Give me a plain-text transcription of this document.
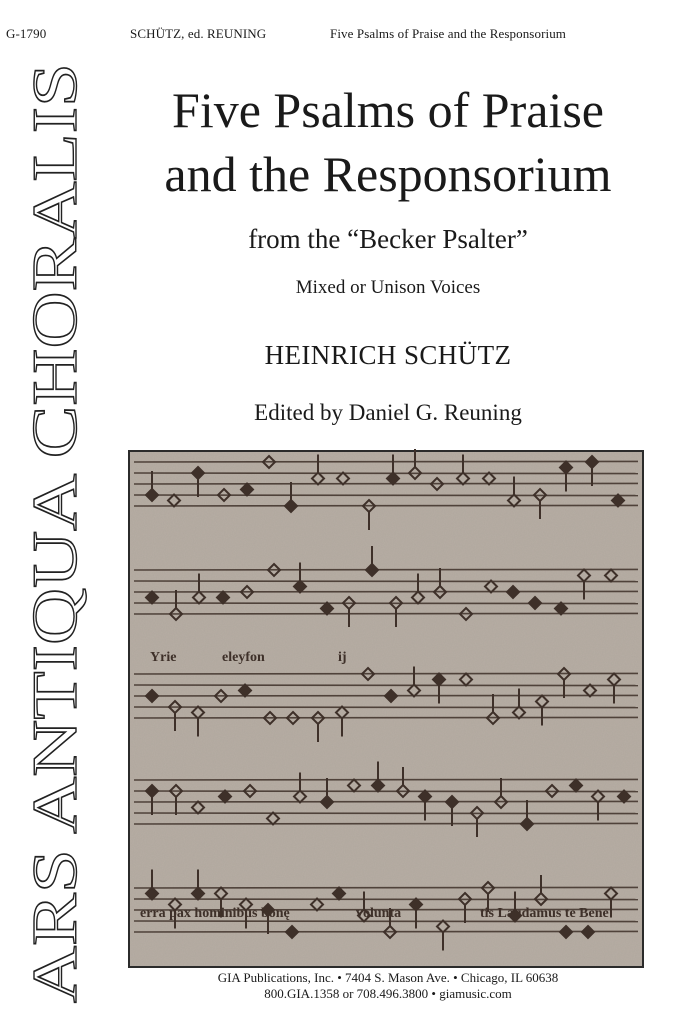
G-1790	SCHÜTZ, ed. REUNING	Five Psalms of Praise and the Responsorium
ARS ANTIQUA CHORALIS
Five Psalms of Praise
and the Responsorium
from the “Becker Psalter”
Mixed or Unison Voices
HEINRICH SCHÜTZ
Edited by Daniel G. Reuning
Yrie	eleyfon	ij
erra pax hominibus bonę	volunta	tis Laudamus te Bene
GIA Publications, Inc. • 7404 S. Mason Ave. • Chicago, IL 60638
800.GIA.1358 or 708.496.3800 • giamusic.com
